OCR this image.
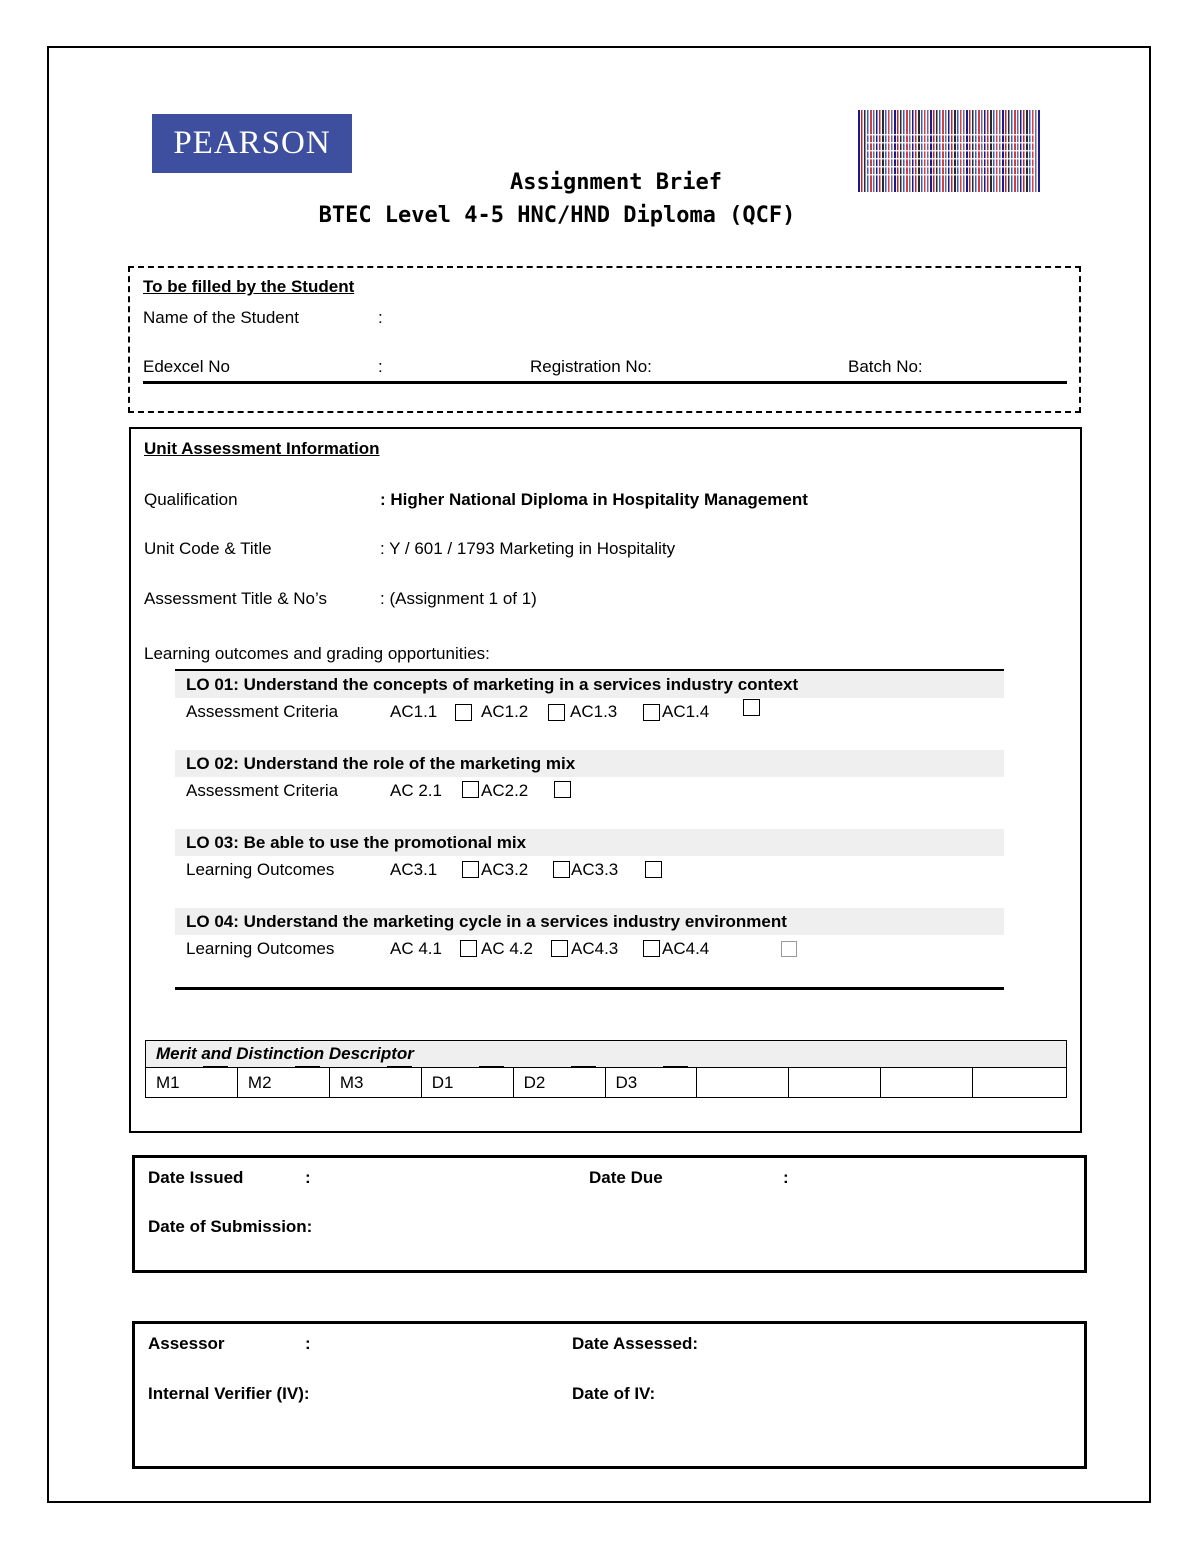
PEARSON
Assignment Brief
BTEC Level 4-5 HNC/HND Diploma (QCF)
To be filled by the Student
Name of the Student	:
Edexcel No	:	Registration No:	Batch No:
Unit Assessment Information
Qualification	: Higher National Diploma in Hospitality Management
Unit Code & Title	: Y / 601 / 1793 Marketing in Hospitality
Assessment Title & No’s	: (Assignment 1 of 1)
Learning outcomes and grading opportunities:
LO 01: Understand the concepts of marketing in a services industry context
Assessment Criteria	AC1.1	AC1.2 AC1.3	AC1.4
LO 02: Understand the role of the marketing mix
Assessment Criteria	AC 2.1 AC2.2
LO 03: Be able to use the promotional mix
Learning Outcomes	AC3.1	AC3.2	AC3.3
LO 04: Understand the marketing cycle in a services industry environment
Learning Outcomes	AC 4.1 AC 4.2 AC4.3	AC4.4
Merit and Distinction Descriptor
M1	M2	M3	D1	D2	D3				
Date Issued	:	Date Due	:
Date of Submission:
Assessor	:	Date Assessed:
Internal Verifier (IV):	Date of IV:
